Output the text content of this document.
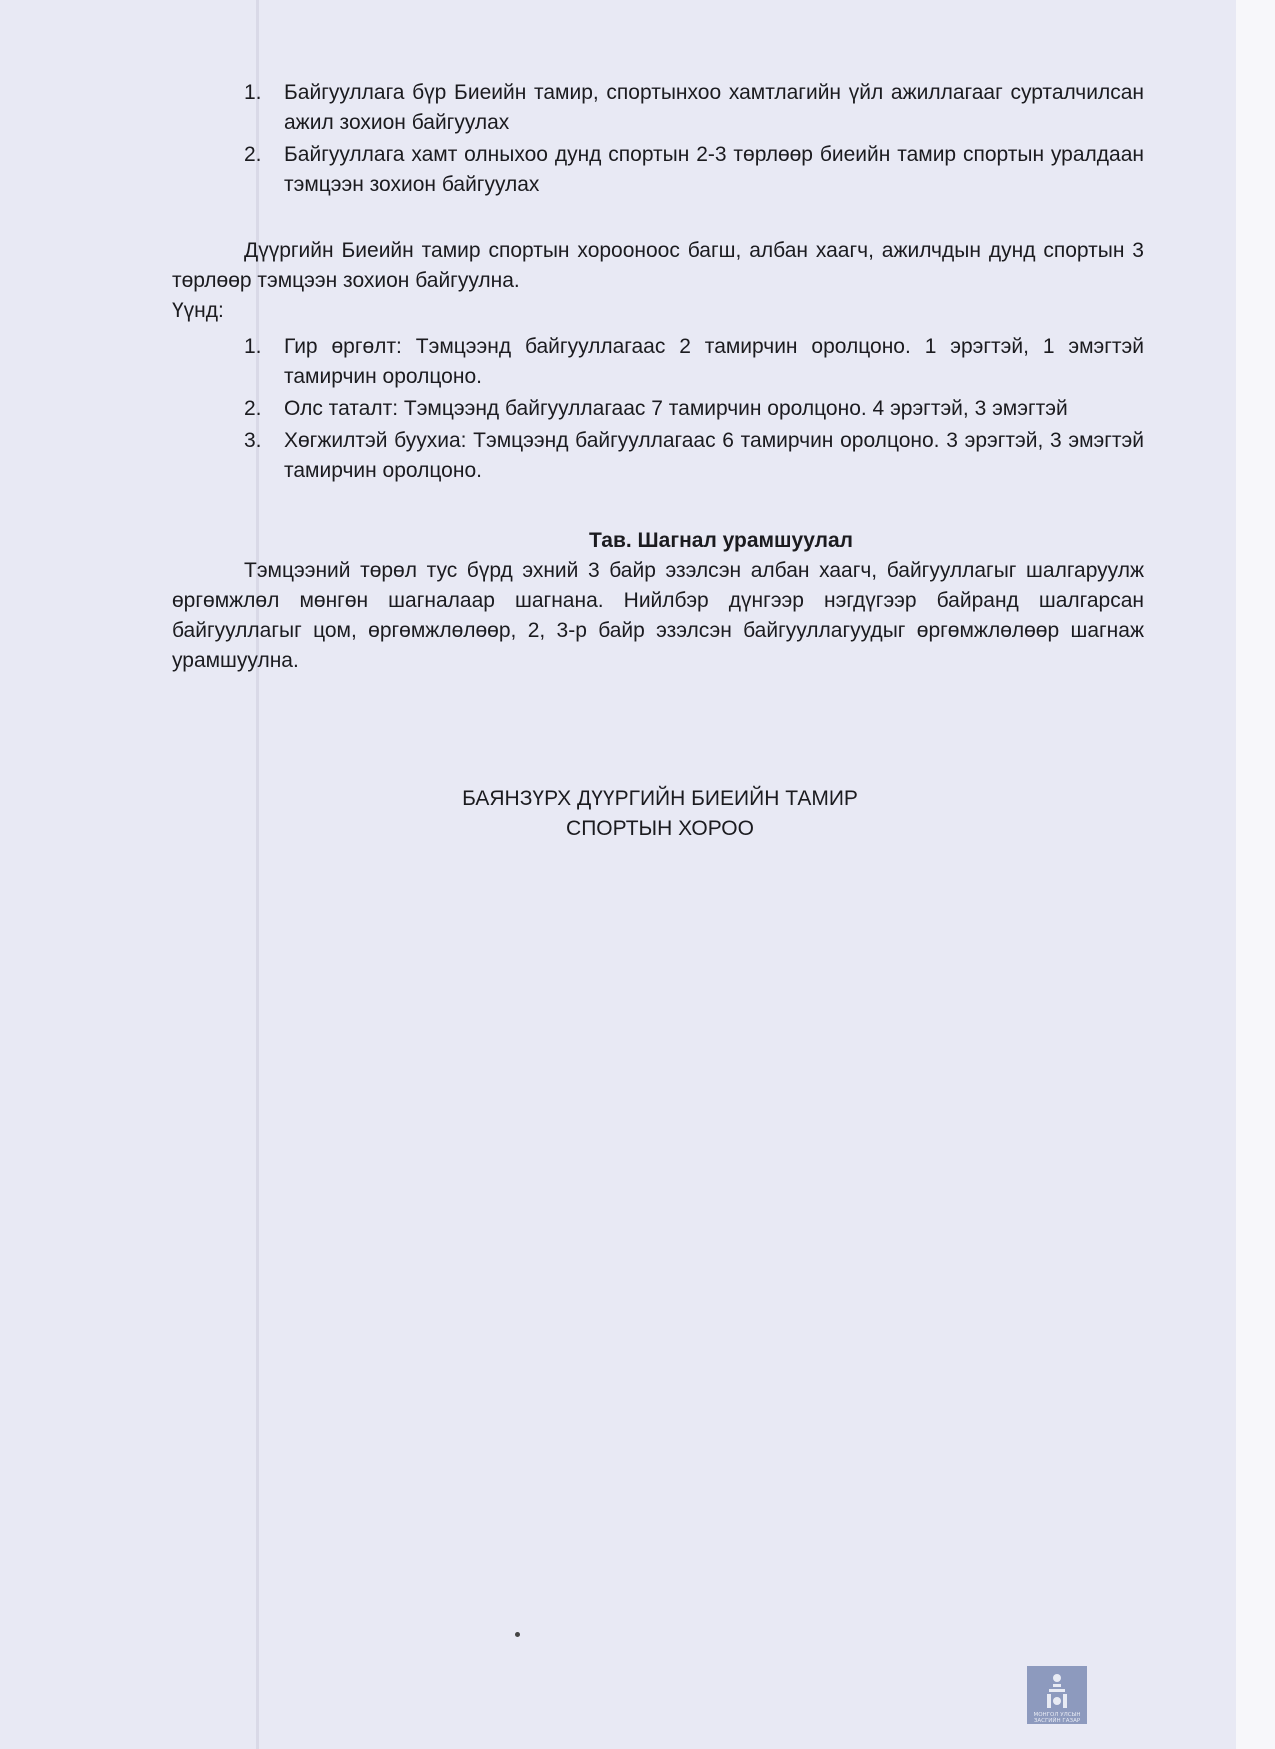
1. Байгууллага бүр Биеийн тамир, спортынхоо хамтлагийн үйл ажиллагааг сурталчилсан ажил зохион байгуулах
2. Байгууллага хамт олныхоо дунд спортын 2-3 төрлөөр биеийн тамир спортын уралдаан тэмцээн зохион байгуулах

Дүүргийн Биеийн тамир спортын хорооноос багш, албан хаагч, ажилчдын дунд спортын 3 төрлөөр тэмцээн зохион байгуулна.

Үүнд:

1. Гир өргөлт: Тэмцээнд байгууллагаас 2 тамирчин оролцоно. 1 эрэгтэй, 1 эмэгтэй тамирчин оролцоно.
2. Олс таталт: Тэмцээнд байгууллагаас 7 тамирчин оролцоно. 4 эрэгтэй, 3 эмэгтэй
3. Хөгжилтэй буухиа: Тэмцээнд байгууллагаас 6 тамирчин оролцоно. 3 эрэгтэй, 3 эмэгтэй тамирчин оролцоно.

Тав. Шагнал урамшуулал

Тэмцээний төрөл тус бүрд эхний 3 байр эзэлсэн албан хаагч, байгууллагыг шалгаруулж өргөмжлөл мөнгөн шагналаар шагнана. Нийлбэр дүнгээр нэгдүгээр байранд шалгарсан байгууллагыг цом, өргөмжлөлөөр, 2, 3-р байр эзэлсэн байгууллагуудыг өргөмжлөлөөр шагнаж урамшуулна.

БАЯНЗҮРХ ДҮҮРГИЙН БИЕИЙН ТАМИР
СПОРТЫН ХОРОО
МОНГОЛ УЛСЫН
ЗАСГИЙН ГАЗАР
